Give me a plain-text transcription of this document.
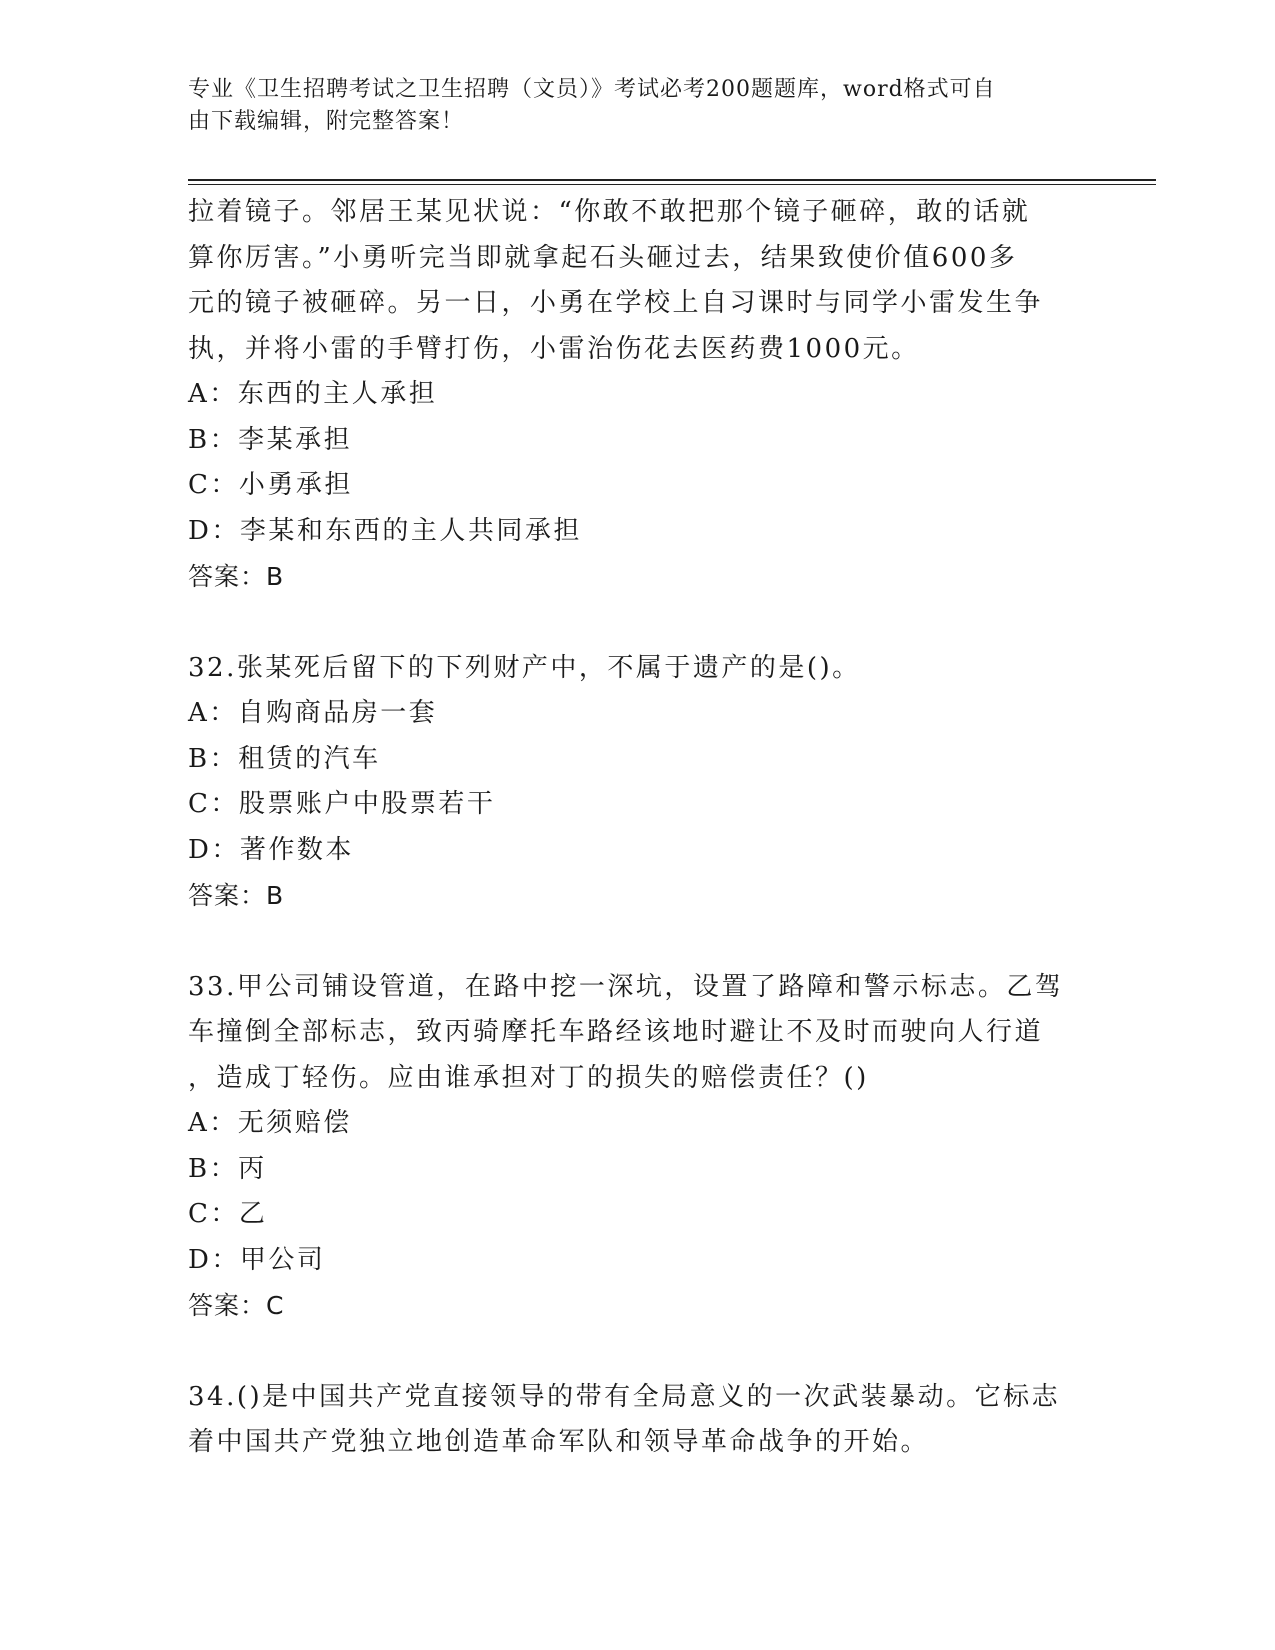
专业《卫生招聘考试之卫生招聘（文员）》考试必考200题题库，word格式可自
由下载编辑，附完整答案！
拉着镜子。邻居王某见状说：“你敢不敢把那个镜子砸碎，敢的话就
算你厉害。”小勇听完当即就拿起石头砸过去，结果致使价值600多
元的镜子被砸碎。另一日，小勇在学校上自习课时与同学小雷发生争
执，并将小雷的手臂打伤，小雷治伤花去医药费1000元。
A：东西的主人承担
B：李某承担
C：小勇承担
D：李某和东西的主人共同承担
答案：B
32.张某死后留下的下列财产中，不属于遗产的是()。
A：自购商品房一套
B：租赁的汽车
C：股票账户中股票若干
D：著作数本
答案：B
33.甲公司铺设管道，在路中挖一深坑，设置了路障和警示标志。乙驾
车撞倒全部标志，致丙骑摩托车路经该地时避让不及时而驶向人行道
，造成丁轻伤。应由谁承担对丁的损失的赔偿责任？()
A：无须赔偿
B：丙
C：乙
D：甲公司
答案：C
34.()是中国共产党直接领导的带有全局意义的一次武装暴动。它标志
着中国共产党独立地创造革命军队和领导革命战争的开始。
